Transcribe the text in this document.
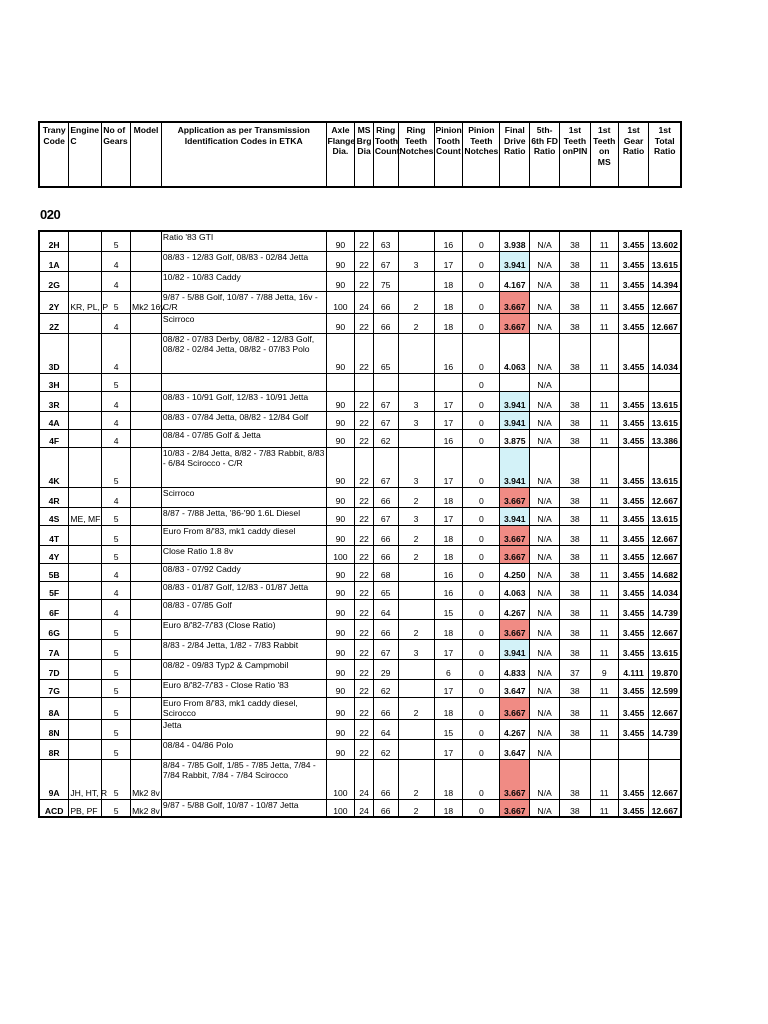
Trany Code	Engine C	No of Gears	Model	Application as per Transmission Identification Codes in ETKA	Axle Flange Dia.	MS Brg Dia	Ring Tooth Count	Ring Teeth Notches	Pinion Tooth Count	Pinion Teeth Notches	Final Drive Ratio	5th-6th FD Ratio	1st Teeth onPIN	1st Teeth on MS	1st Gear Ratio	1st Total Ratio
020
2H		5		Ratio '83 GTI	90	22	63		16	0	3.938	N/A	38	11	3.455	13.602
1A		4		08/83 - 12/83 Golf, 08/83 - 02/84 Jetta	90	22	67	3	17	0	3.941	N/A	38	11	3.455	13.615
2G		4		10/82 - 10/83 Caddy	90	22	75		18	0	4.167	N/A	38	11	3.455	14.394
2Y	KR, PL, P	5	Mk2 16v	9/87 - 5/88 Golf, 10/87 - 7/88 Jetta, 16v - C/R	100	24	66	2	18	0	3.667	N/A	38	11	3.455	12.667
2Z		4		Scirroco	90	22	66	2	18	0	3.667	N/A	38	11	3.455	12.667
3D		4		08/82 - 07/83 Derby, 08/82 - 12/83 Golf, 08/82 - 02/84 Jetta, 08/82 - 07/83 Polo	90	22	65		16	0	4.063	N/A	38	11	3.455	14.034
3H		5								0		N/A				
3R		4		08/83 - 10/91 Golf, 12/83 - 10/91 Jetta	90	22	67	3	17	0	3.941	N/A	38	11	3.455	13.615
4A		4		08/83 - 07/84 Jetta, 08/82 - 12/84 Golf	90	22	67	3	17	0	3.941	N/A	38	11	3.455	13.615
4F		4		08/84 - 07/85 Golf & Jetta	90	22	62		16	0	3.875	N/A	38	11	3.455	13.386
4K		5		10/83 - 2/84 Jetta, 8/82 - 7/83 Rabbit, 8/83 - 6/84 Scirocco - C/R	90	22	67	3	17	0	3.941	N/A	38	11	3.455	13.615
4R		4		Scirroco	90	22	66	2	18	0	3.667	N/A	38	11	3.455	12.667
4S	ME, MF	5		8/87 - 7/88 Jetta, '86-'90 1.6L Diesel	90	22	67	3	17	0	3.941	N/A	38	11	3.455	13.615
4T		5		Euro From 8/'83, mk1 caddy diesel	90	22	66	2	18	0	3.667	N/A	38	11	3.455	12.667
4Y		5		Close Ratio 1.8 8v	100	22	66	2	18	0	3.667	N/A	38	11	3.455	12.667
5B		4		08/83 - 07/92 Caddy	90	22	68		16	0	4.250	N/A	38	11	3.455	14.682
5F		4		08/83 - 01/87 Golf, 12/83 - 01/87 Jetta	90	22	65		16	0	4.063	N/A	38	11	3.455	14.034
6F		4		08/83 - 07/85 Golf	90	22	64		15	0	4.267	N/A	38	11	3.455	14.739
6G		5		Euro 8/'82-7/'83 (Close Ratio)	90	22	66	2	18	0	3.667	N/A	38	11	3.455	12.667
7A		5		8/83 - 2/84 Jetta, 1/82 - 7/83 Rabbit	90	22	67	3	17	0	3.941	N/A	38	11	3.455	13.615
7D		5		08/82 - 09/83 Typ2 & Campmobil	90	22	29		6	0	4.833	N/A	37	9	4.111	19.870
7G		5		Euro 8/'82-7/'83 - Close Ratio '83	90	22	62		17	0	3.647	N/A	38	11	3.455	12.599
8A		5		Euro From 8/'83, mk1 caddy diesel, Scirocco	90	22	66	2	18	0	3.667	N/A	38	11	3.455	12.667
8N		5		Jetta	90	22	64		15	0	4.267	N/A	38	11	3.455	14.739
8R		5		08/84 - 04/86 Polo	90	22	62		17	0	3.647	N/A				
9A	JH, HT, R	5	Mk2 8v	8/84 - 7/85 Golf, 1/85 - 7/85 Jetta, 7/84 - 7/84 Rabbit, 7/84 - 7/84 Scirocco	100	24	66	2	18	0	3.667	N/A	38	11	3.455	12.667
ACD	PB, PF	5	Mk2 8v	9/87 - 5/88 Golf, 10/87 - 10/87 Jetta	100	24	66	2	18	0	3.667	N/A	38	11	3.455	12.667
